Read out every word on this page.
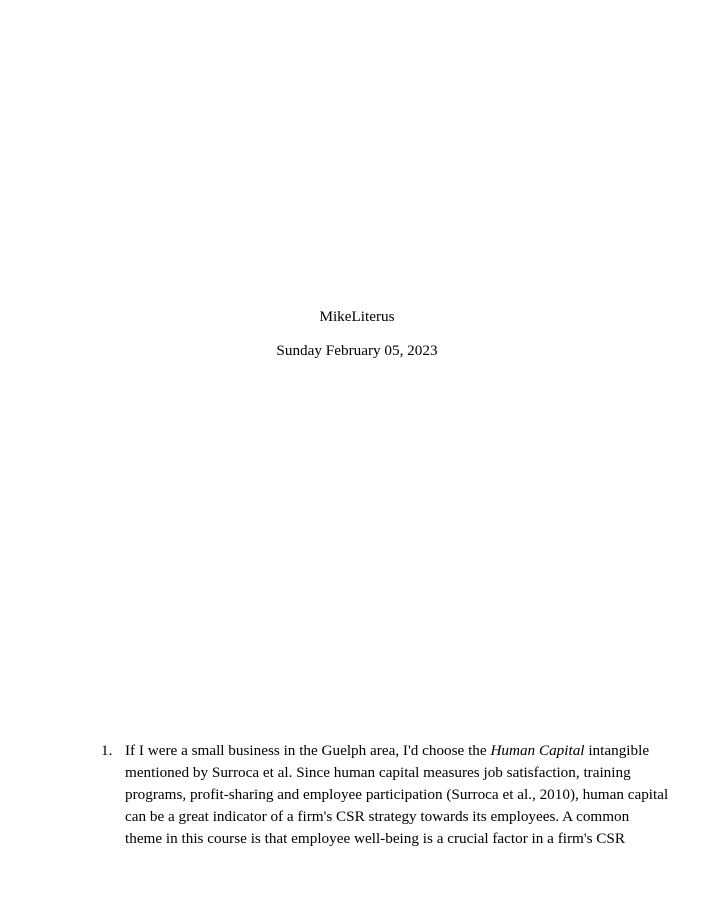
MikeLiterus
Sunday February 05, 2023
1. If I were a small business in the Guelph area, I'd choose the Human Capital intangible
mentioned by Surroca et al. Since human capital measures job satisfaction, training
programs, profit-sharing and employee participation (Surroca et al., 2010), human capital
can be a great indicator of a firm's CSR strategy towards its employees. A common
theme in this course is that employee well-being is a crucial factor in a firm's CSR
